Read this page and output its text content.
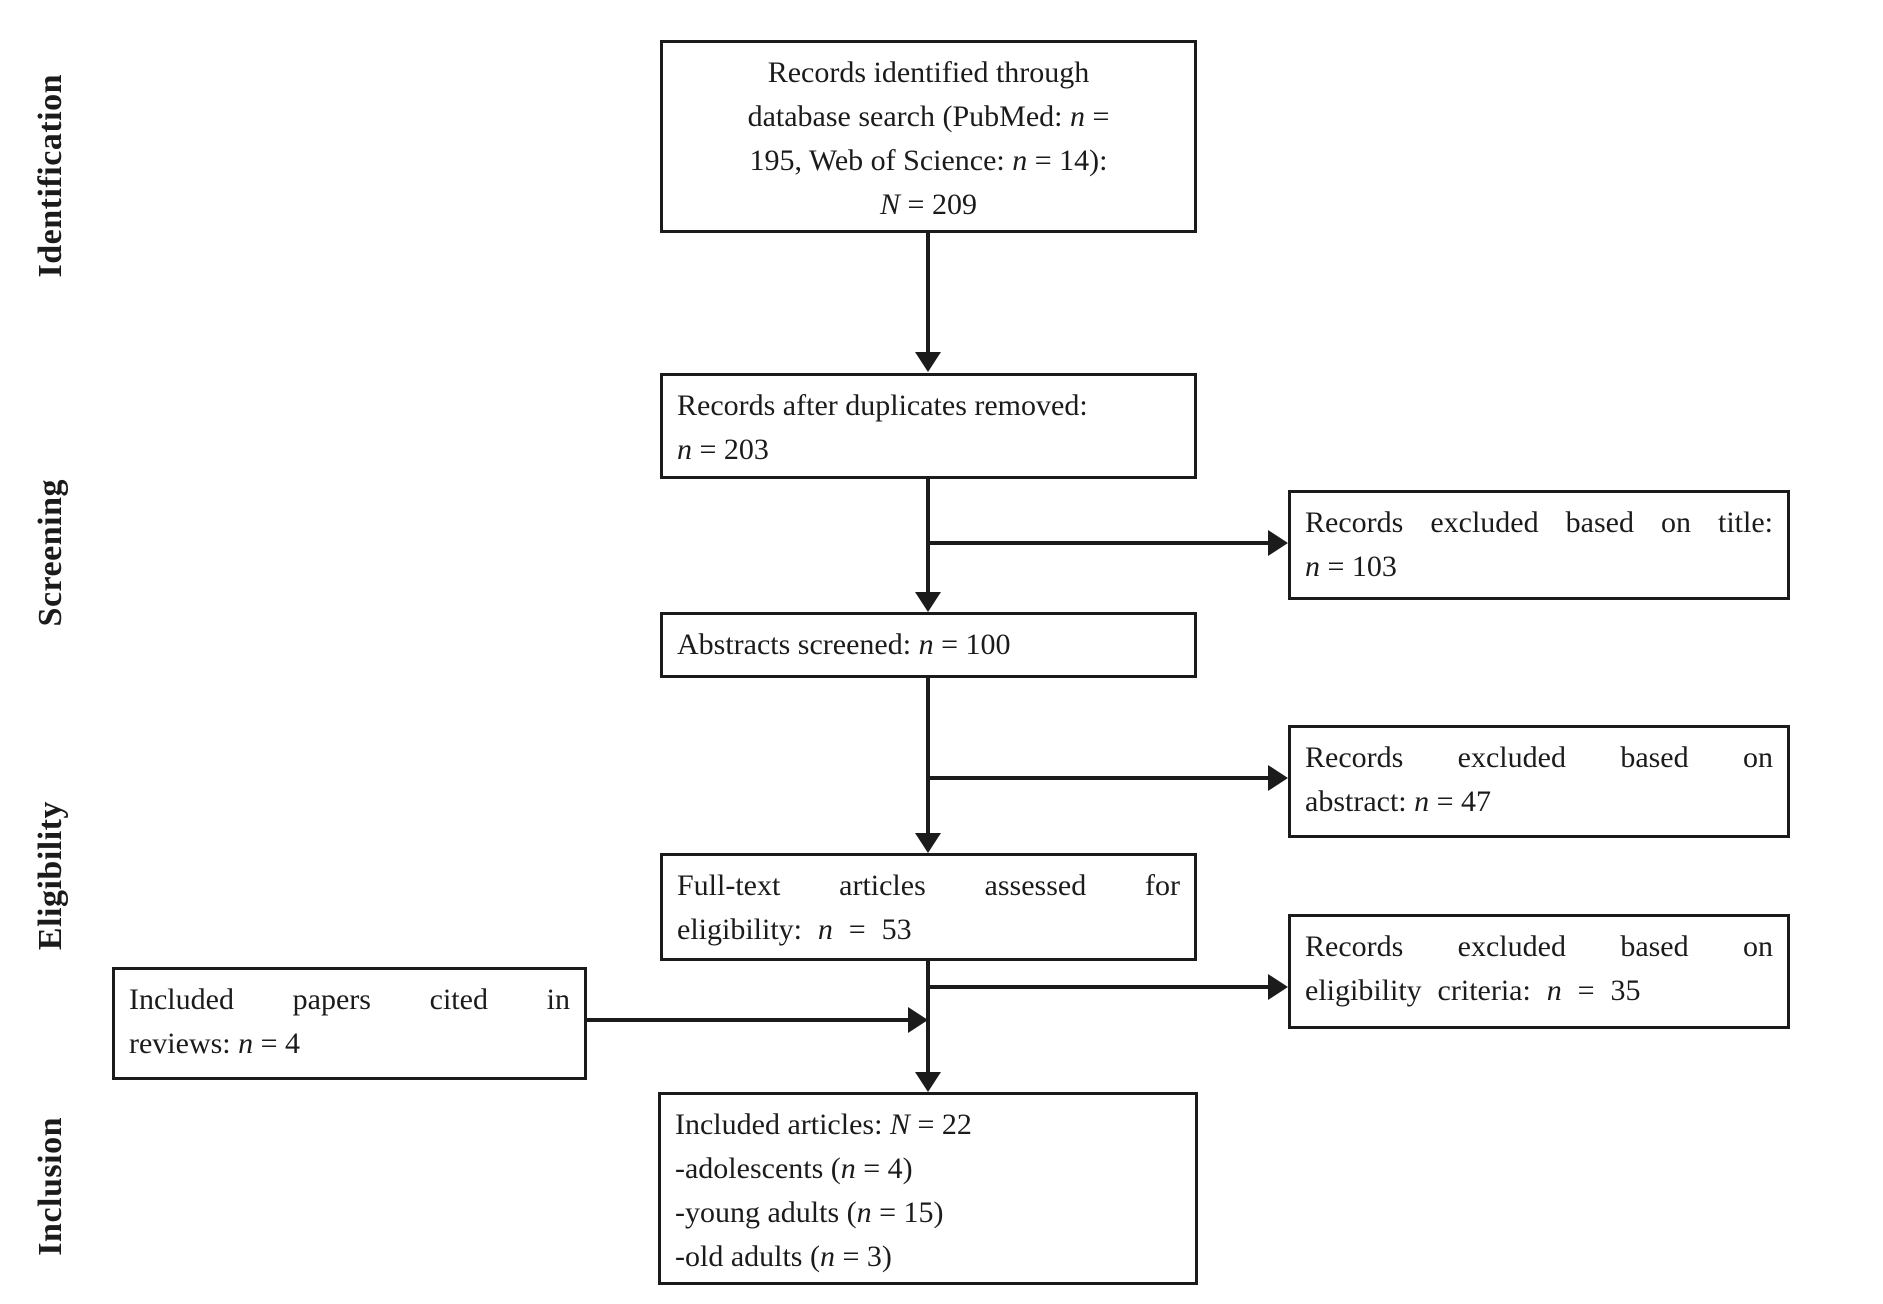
Identification
Screening
Eligibility
Inclusion
Records identified through
database search (PubMed: n =
195, Web of Science: n = 14):
N = 209
Records after duplicates removed:
n = 203
Abstracts screened: n = 100
Full-text articles assessed for
eligibility: n = 53
Included articles: N = 22
-adolescents (n = 4)
-young adults (n = 15)
-old adults (n = 3)
Records excluded based on title:
n = 103
Records excluded based on
abstract: n = 47
Records excluded based on
eligibility criteria: n = 35
Included papers cited in
reviews: n = 4
